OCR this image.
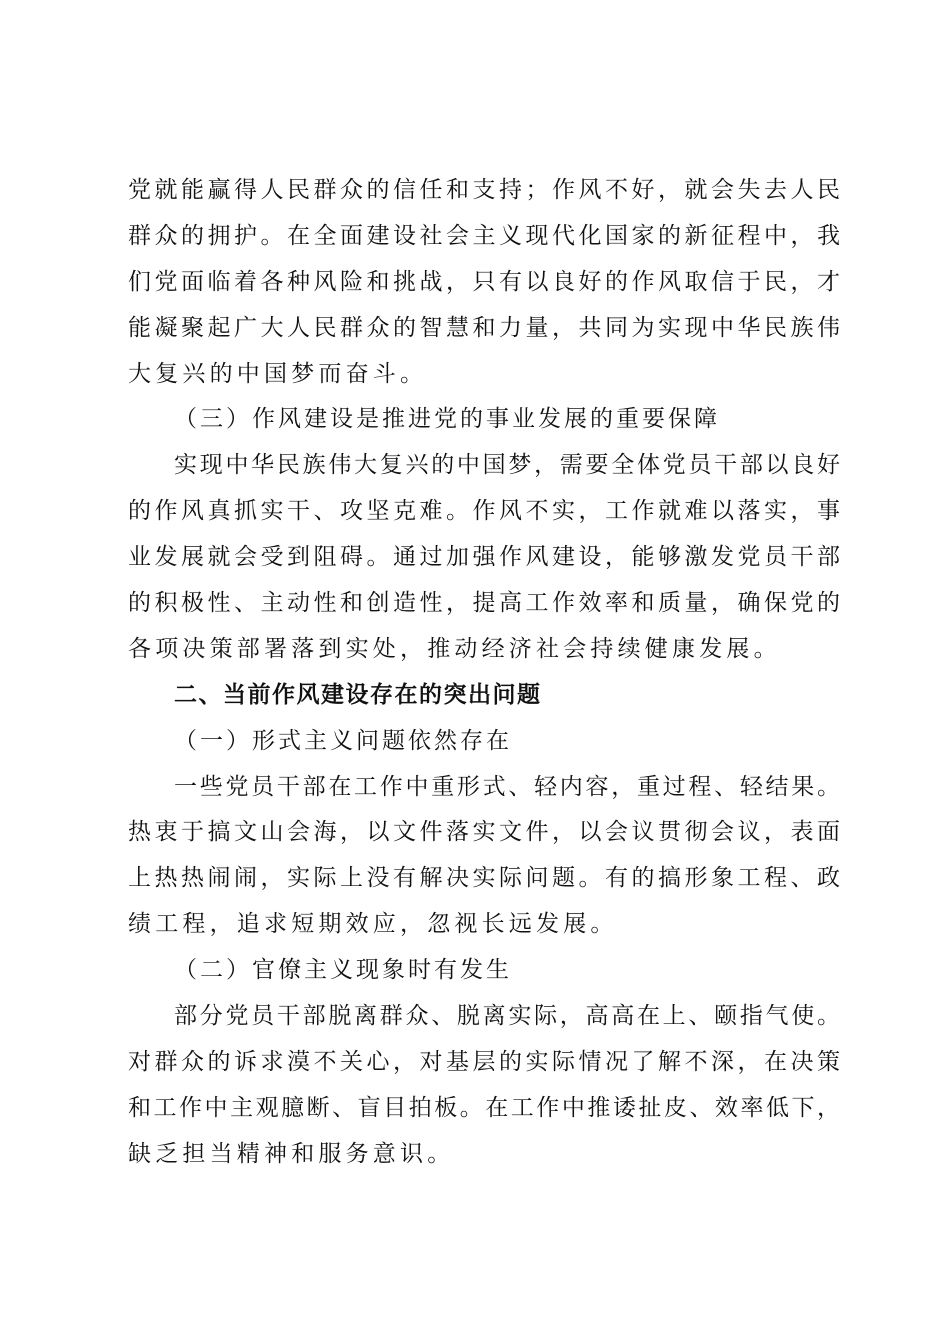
党就能赢得人民群众的信任和支持；作风不好，就会失去人民
群众的拥护。在全面建设社会主义现代化国家的新征程中，我
们党面临着各种风险和挑战，只有以良好的作风取信于民，才
能凝聚起广大人民群众的智慧和力量，共同为实现中华民族伟
大复兴的中国梦而奋斗。
（三）作风建设是推进党的事业发展的重要保障
实现中华民族伟大复兴的中国梦，需要全体党员干部以良好
的作风真抓实干、攻坚克难。作风不实，工作就难以落实，事
业发展就会受到阻碍。通过加强作风建设，能够激发党员干部
的积极性、主动性和创造性，提高工作效率和质量，确保党的
各项决策部署落到实处，推动经济社会持续健康发展。
二、当前作风建设存在的突出问题
（一）形式主义问题依然存在
一些党员干部在工作中重形式、轻内容，重过程、轻结果。
热衷于搞文山会海，以文件落实文件，以会议贯彻会议，表面
上热热闹闹，实际上没有解决实际问题。有的搞形象工程、政
绩工程，追求短期效应，忽视长远发展。
（二）官僚主义现象时有发生
部分党员干部脱离群众、脱离实际，高高在上、颐指气使。
对群众的诉求漠不关心，对基层的实际情况了解不深，在决策
和工作中主观臆断、盲目拍板。在工作中推诿扯皮、效率低下，
缺乏担当精神和服务意识。
